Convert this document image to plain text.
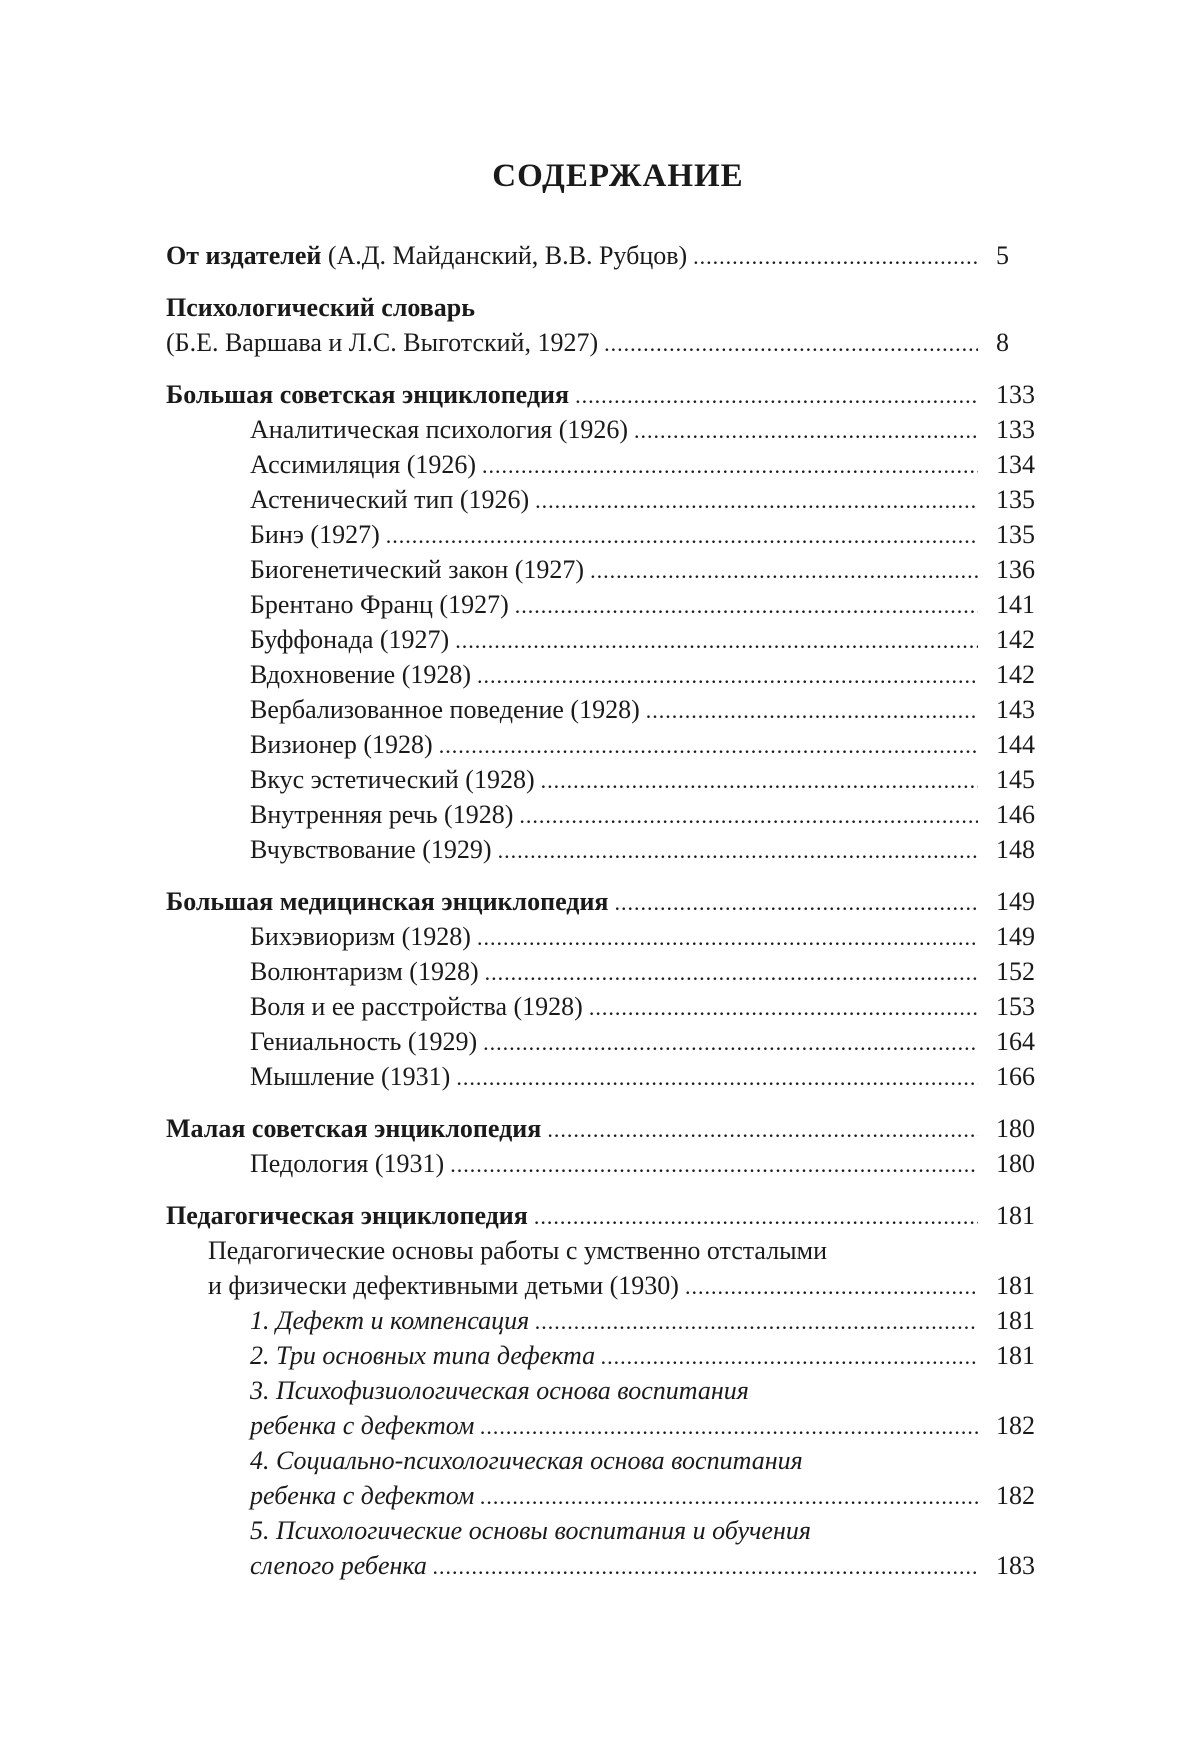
СОДЕРЖАНИЕ
От издателей (А.Д. Майданский, В.В. Рубцов) .....	5
Психологический словарь
(Б.Е. Варшава и Л.С. Выготский, 1927) .....	8
Большая советская энциклопедия .....	133
Аналитическая психология (1926) .....	133
Ассимиляция (1926) .....	134
Астенический тип (1926) .....	135
Бинэ (1927) .....	135
Биогенетический закон (1927) .....	136
Брентано Франц (1927) .....	141
Буффонада (1927) .....	142
Вдохновение (1928) .....	142
Вербализованное поведение (1928) .....	143
Визионер (1928) .....	144
Вкус эстетический (1928) .....	145
Внутренняя речь (1928) .....	146
Вчувствование (1929) .....	148
Большая медицинская энциклопедия .....	149
Бихэвиоризм (1928) .....	149
Волюнтаризм (1928) .....	152
Воля и ее расстройства (1928) .....	153
Гениальность (1929) .....	164
Мышление (1931) .....	166
Малая советская энциклопедия .....	180
Педология (1931) .....	180
Педагогическая энциклопедия .....	181
Педагогические основы работы с умственно отсталыми
и физически дефективными детьми (1930) .....	181
1. Дефект и компенсация .....	181
2. Три основных типа дефекта .....	181
3. Психофизиологическая основа воспитания
ребенка с дефектом .....	182
4. Социально-психологическая основа воспитания
ребенка с дефектом .....	182
5. Психологические основы воспитания и обучения
слепого ребенка .....	183
